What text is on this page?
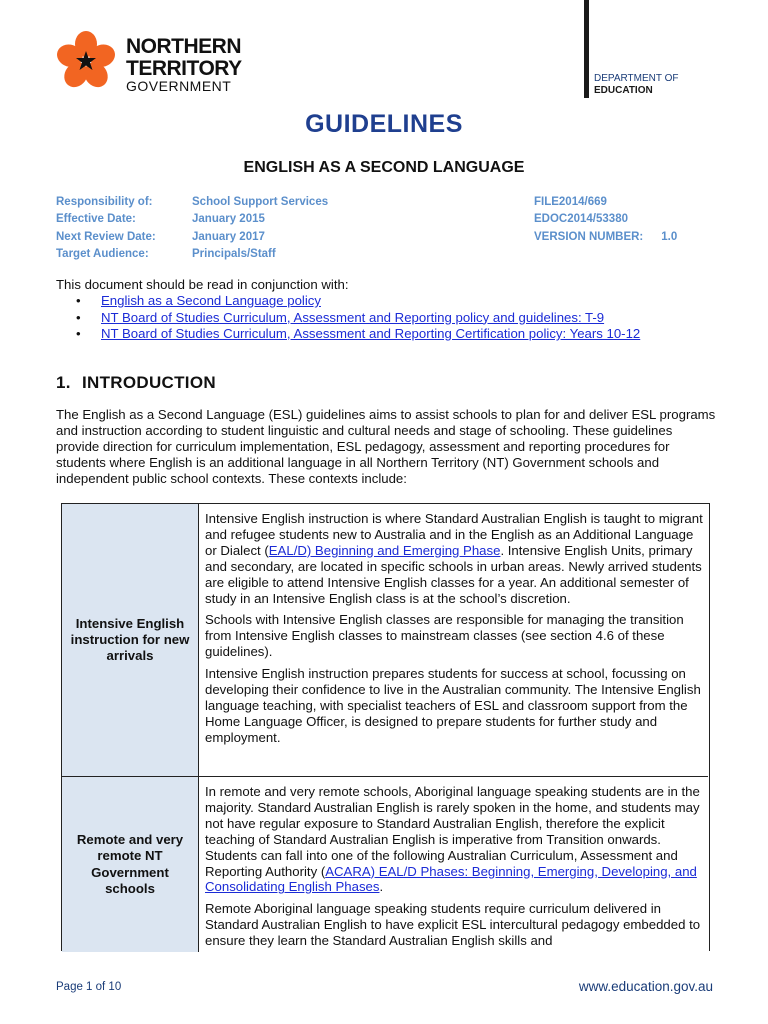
NORTHERN
TERRITORY
GOVERNMENT	DEPARTMENT OF
EDUCATION
GUIDELINES
ENGLISH AS A SECOND LANGUAGE
Responsibility of:
Effective Date:
Next Review Date:
Target Audience:
School Support Services
January 2015
January 2017
Principals/Staff
FILE2014/669
EDOC2014/53380
VERSION NUMBER: 1.0
This document should be read in conjunction with:
• English as a Second Language policy
• NT Board of Studies Curriculum, Assessment and Reporting policy and guidelines: T-9
• NT Board of Studies Curriculum, Assessment and Reporting Certification policy: Years 10-12
1. INTRODUCTION
The English as a Second Language (ESL) guidelines aims to assist schools to plan for and deliver ESL programs and instruction according to student linguistic and cultural needs and stage of schooling. These guidelines provide direction for curriculum implementation, ESL pedagogy, assessment and reporting procedures for students where English is an additional language in all Northern Territory (NT) Government schools and independent public school contexts. These contexts include:
Intensive English instruction for new arrivals

Intensive English instruction is where Standard Australian English is taught to migrant and refugee students new to Australia and in the English as an Additional Language or Dialect (EAL/D) Beginning and Emerging Phase. Intensive English Units, primary and secondary, are located in specific schools in urban areas. Newly arrived students are eligible to attend Intensive English classes for a year. An additional semester of study in an Intensive English class is at the school’s discretion.

Schools with Intensive English classes are responsible for managing the transition from Intensive English classes to mainstream classes (see section 4.6 of these guidelines).

Intensive English instruction prepares students for success at school, focussing on developing their confidence to live in the Australian community. The Intensive English language teaching, with specialist teachers of ESL and classroom support from the Home Language Officer, is designed to prepare students for further study and employment.

Remote and very remote NT Government schools

In remote and very remote schools, Aboriginal language speaking students are in the majority. Standard Australian English is rarely spoken in the home, and students may not have regular exposure to Standard Australian English, therefore the explicit teaching of Standard Australian English is imperative from Transition onwards. Students can fall into one of the following Australian Curriculum, Assessment and Reporting Authority (ACARA) EAL/D Phases: Beginning, Emerging, Developing, and Consolidating English Phases.

Remote Aboriginal language speaking students require curriculum delivered in Standard Australian English to have explicit ESL intercultural pedagogy embedded to ensure they learn the Standard Australian English skills and

Page 1 of 10	www.education.gov.au
